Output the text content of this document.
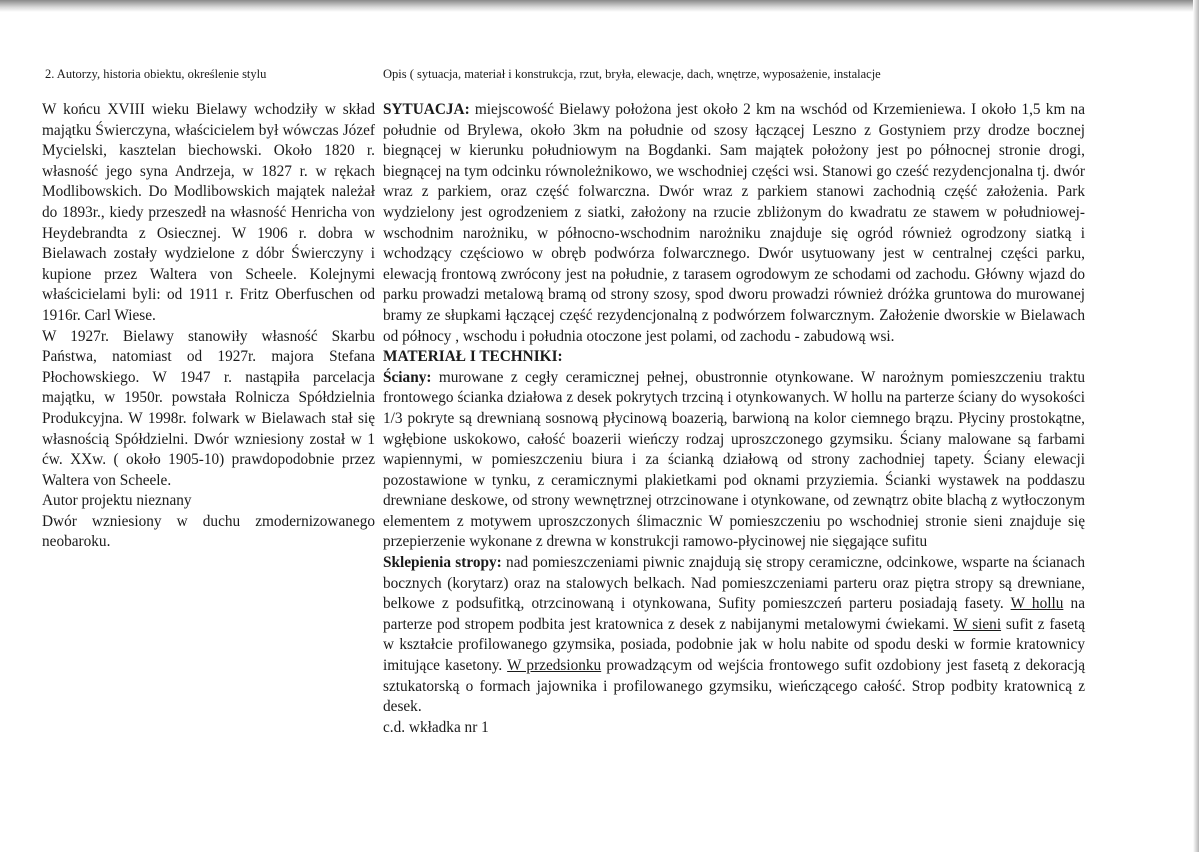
2. Autorzy, historia obiektu, określenie stylu	Opis ( sytuacja, materiał i konstrukcja, rzut, bryła, elewacje, dach, wnętrze, wyposażenie, instalacje

W końcu XVIII wieku Bielawy wchodziły w skład majątku Świerczyna, właścicielem był wówczas Józef Mycielski, kasztelan biechowski. Około 1820 r. własność jego syna Andrzeja, w 1827 r. w rękach Modlibowskich. Do Modlibowskich majątek należał do 1893r., kiedy przeszedł na własność Henricha von Heydebrandta z Osiecznej. W 1906 r. dobra w Bielawach zostały wydzielone z dóbr Świerczyny i kupione przez Waltera von Scheele. Kolejnymi właścicielami byli: od 1911 r. Fritz Oberfuschen od 1916r. Carl Wiese.

W 1927r. Bielawy stanowiły własność Skarbu Państwa, natomiast od 1927r. majora Stefana Płochowskiego. W 1947 r. nastąpiła parcelacja majątku, w 1950r. powstała Rolnicza Spółdzielnia Produkcyjna. W 1998r. folwark w Bielawach stał się własnością Spółdzielni. Dwór wzniesiony został w 1 ćw. XXw. ( około 1905-10) prawdopodobnie przez Waltera von Scheele.

Autor projektu nieznany

Dwór wzniesiony w duchu zmodernizowanego neobaroku.

SYTUACJA: miejscowość Bielawy położona jest około 2 km na wschód od Krzemieniewa. I około 1,5 km na południe od Brylewa, około 3km na południe od szosy łączącej Leszno z Gostyniem przy drodze bocznej biegnącej w kierunku południowym na Bogdanki. Sam majątek położony jest po północnej stronie drogi, biegnącej na tym odcinku równoleżnikowo, we wschodniej części wsi. Stanowi go cześć rezydencjonalna tj. dwór wraz z parkiem, oraz część folwarczna. Dwór wraz z parkiem stanowi zachodnią część założenia. Park wydzielony jest ogrodzeniem z siatki, założony na rzucie zbliżonym do kwadratu ze stawem w południowej- wschodnim narożniku, w północno-wschodnim narożniku znajduje się ogród również ogrodzony siatką i wchodzący częściowo w obręb podwórza folwarcznego. Dwór usytuowany jest w centralnej części parku, elewacją frontową zwrócony jest na południe, z tarasem ogrodowym ze schodami od zachodu. Główny wjazd do parku prowadzi metalową bramą od strony szosy, spod dworu prowadzi również dróżka gruntowa do murowanej bramy ze słupkami łączącej część rezydencjonalną z podwórzem folwarcznym. Założenie dworskie w Bielawach od północy , wschodu i południa otoczone jest polami, od zachodu - zabudową wsi.

MATERIAŁ I TECHNIKI:

Ściany: murowane z cegły ceramicznej pełnej, obustronnie otynkowane. W narożnym pomieszczeniu traktu frontowego ścianka działowa z desek pokrytych trzciną i otynkowanych. W hollu na parterze ściany do wysokości 1/3 pokryte są drewnianą sosnową płycinową boazerią, barwioną na kolor ciemnego brązu. Płyciny prostokątne, wgłębione uskokowo, całość boazerii wieńczy rodzaj uproszczonego gzymsiku. Ściany malowane są farbami wapiennymi, w pomieszczeniu biura i za ścianką działową od strony zachodniej tapety. Ściany elewacji pozostawione w tynku, z ceramicznymi plakietkami pod oknami przyziemia. Ścianki wystawek na poddaszu drewniane deskowe, od strony wewnętrznej otrzcinowane i otynkowane, od zewnątrz obite blachą z wytłoczonym elementem z motywem uproszczonych ślimacznic W pomieszczeniu po wschodniej stronie sieni znajduje się przepierzenie wykonane z drewna w konstrukcji ramowo-płycinowej nie sięgające sufitu

Sklepienia stropy: nad pomieszczeniami piwnic znajdują się stropy ceramiczne, odcinkowe, wsparte na ścianach bocznych (korytarz) oraz na stalowych belkach. Nad pomieszczeniami parteru oraz piętra stropy są drewniane, belkowe z podsufitką, otrzcinowaną i otynkowana, Sufity pomieszczeń parteru posiadają fasety. W hollu na parterze pod stropem podbita jest kratownica z desek z nabijanymi metalowymi ćwiekami. W sieni sufit z fasetą w kształcie profilowanego gzymsika, posiada, podobnie jak w holu nabite od spodu deski w formie kratownicy imitujące kasetony. W przedsionku prowadzącym od wejścia frontowego sufit ozdobiony jest fasetą z dekoracją sztukatorską o formach jajownika i profilowanego gzymsiku, wieńczącego całość. Strop podbity kratownicą z desek.

c.d. wkładka nr 1
